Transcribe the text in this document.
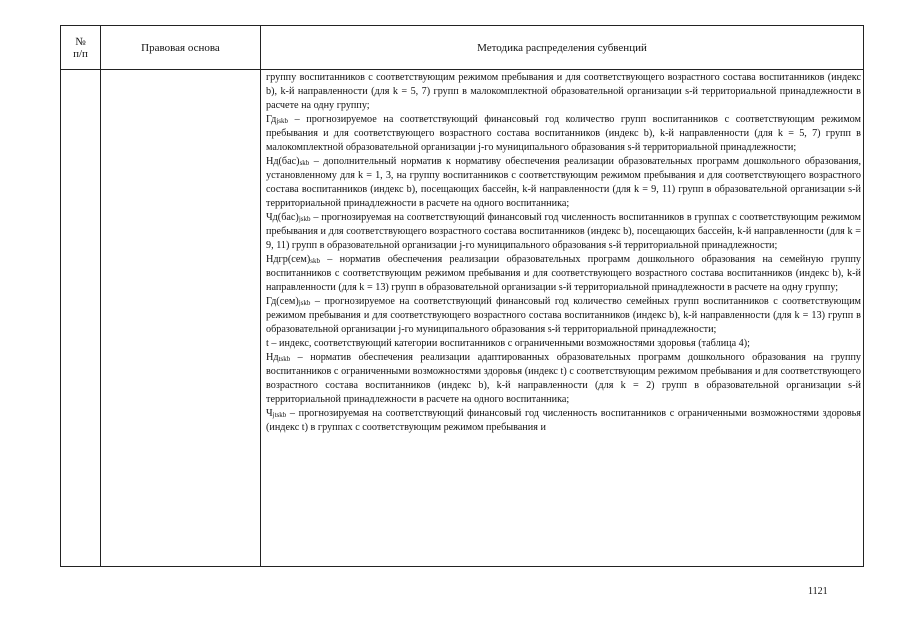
№
п/п	Правовая основа	Методика распределения субвенций

группу воспитанников с соответствующим режимом пребывания и для соответствующего возрастного состава воспитанников (индекс b), k-й направленности (для k = 5, 7) групп в малокомплектной образовательной организации s-й территориальной принадлежности в расчете на одну группу;

$Гд_{jskb}$ – прогнозируемое на соответствующий финансовый год количество групп воспитанников с соответствующим режимом пребывания и для соответствующего возрастного состава воспитанников (индекс b), k-й направленности (для k = 5, 7) групп в малокомплектной образовательной организации j-го муниципального образования s-й территориальной принадлежности;

$Нд(бас)_{skb}$ – дополнительный норматив к нормативу обеспечения реализации образовательных программ дошкольного образования, установленному для k = 1, 3, на группу воспитанников с соответствующим режимом пребывания и для соответствующего возрастного состава воспитанников (индекс b), посещающих бассейн, k-й направленности (для k = 9, 11) групп в образовательной организации s-й территориальной принадлежности в расчете на одного воспитанника;

$Чд(бас)_{jskb}$ – прогнозируемая на соответствующий финансовый год численность воспитанников в группах с соответствующим режимом пребывания и для соответствующего возрастного состава воспитанников (индекс b), посещающих бассейн, k-й направленности (для k = 9, 11) групп в образовательной организации j-го муниципального образования s-й территориальной принадлежности;

$Ндгр(сем)_{skb}$ – норматив обеспечения реализации образовательных программ дошкольного образования на семейную группу воспитанников с соответствующим режимом пребывания и для соответствующего возрастного состава воспитанников (индекс b), k-й направленности (для k = 13) групп в образовательной организации s-й территориальной принадлежности в расчете на одну группу;

$Гд(сем)_{jskb}$ – прогнозируемое на соответствующий финансовый год количество семейных групп воспитанников с соответствующим режимом пребывания и для соответствующего возрастного состава воспитанников (индекс b), k-й направленности (для k = 13) групп в образовательной организации j-го муниципального образования s-й территориальной принадлежности;

t – индекс, соответствующий категории воспитанников с ограниченными возможностями здоровья (таблица 4);

$Нд_{tskb}$ – норматив обеспечения реализации адаптированных образовательных программ дошкольного образования на группу воспитанников с ограниченными возможностями здоровья (индекс t) с соответствующим режимом пребывания и для соответствующего возрастного состава воспитанников (индекс b), k-й направленности (для k = 2) групп в образовательной организации s-й территориальной принадлежности в расчете на одного воспитанника;

$Ч_{jtskb}$ – прогнозируемая на соответствующий финансовый год численность воспитанников с ограниченными возможностями здоровья (индекс t) в группах с соответствующим режимом пребывания и

1121
